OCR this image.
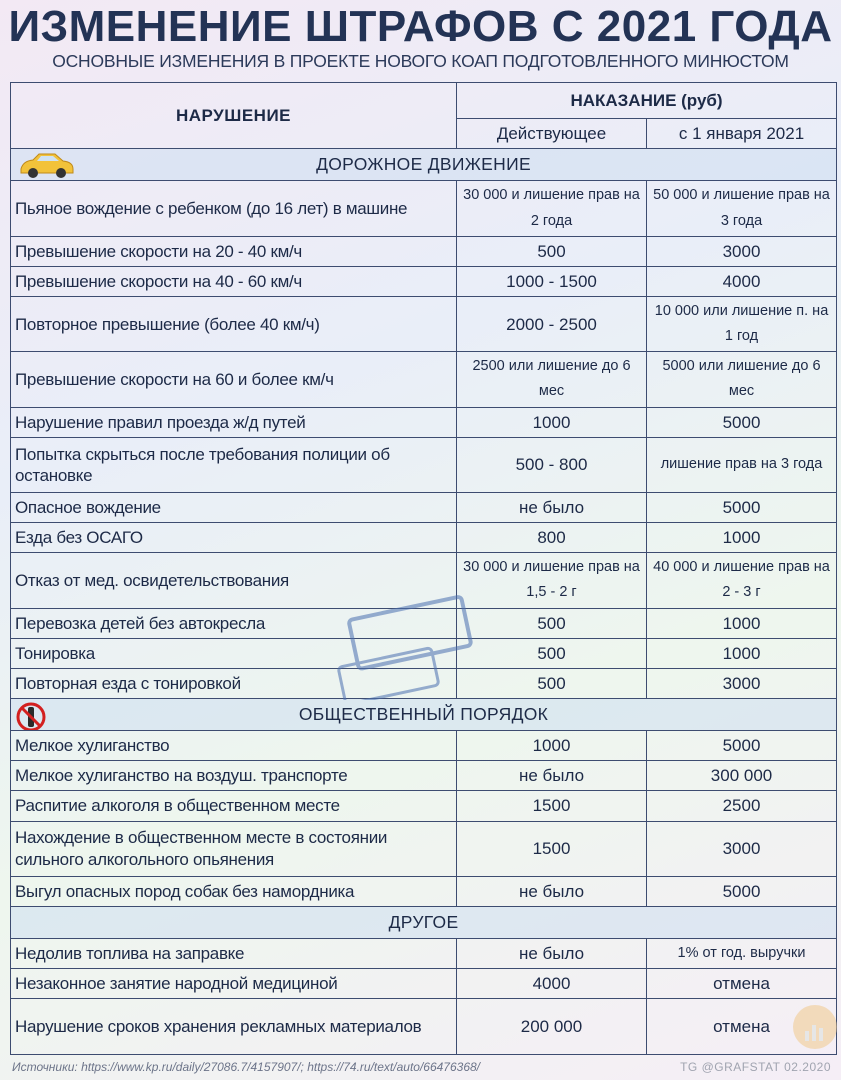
ИЗМЕНЕНИЕ ШТРАФОВ С 2021 ГОДА
ОСНОВНЫЕ ИЗМЕНЕНИЯ В ПРОЕКТЕ НОВОГО КОАП ПОДГОТОВЛЕННОГО МИНЮСТОМ
НАРУШЕНИЕ	НАКАЗАНИЕ (руб)	
	Действующее	с 1 января 2021

ДОРОЖНОЕ ДВИЖЕНИЕ		
Пьяное вождение с ребенком (до 16 лет) в машине	30 000 и лишение прав на 2 года	50 000 и лишение прав на 3 года
Превышение скорости на 20 - 40 км/ч	500	3000
Превышение скорости на 40 - 60 км/ч	1000 - 1500	4000
Повторное превышение (более 40 км/ч)	2000 - 2500	10 000 или лишение п. на 1 год
Превышение скорости на 60 и более км/ч	2500 или лишение до 6 мес	5000 или лишение до 6 мес
Нарушение правил проезда ж/д путей	1000	5000
Попытка скрыться после требования полиции об остановке	500 - 800	лишение прав на 3 года
Опасное вождение	не было	5000
Езда без ОСАГО	800	1000
Отказ от мед. освидетельствования	30 000 и лишение прав на 1,5 - 2 г	40 000 и лишение прав на 2 - 3 г
Перевозка детей без автокресла	500	1000
Тонировка	500	1000
Повторная езда с тонировкой	500	3000

ОБЩЕСТВЕННЫЙ ПОРЯДОК		
Мелкое хулиганство	1000	5000
Мелкое хулиганство на воздуш. транспорте	не было	300 000
Распитие алкоголя в общественном месте	1500	2500
Нахождение в общественном месте в состоянии сильного алкогольного опьянения	1500	3000
Выгул опасных пород собак без намордника	не было	5000
ДРУГОЕ		
Недолив топлива на заправке	не было	1% от год. выручки
Незаконное занятие народной медициной	4000	отмена
Нарушение сроков хранения рекламных материалов	200 000	отмена
Источники: https://www.kp.ru/daily/27086.7/4157907/; https://74.ru/text/auto/66476368/	TG @GRAFSTAT 02.2020
